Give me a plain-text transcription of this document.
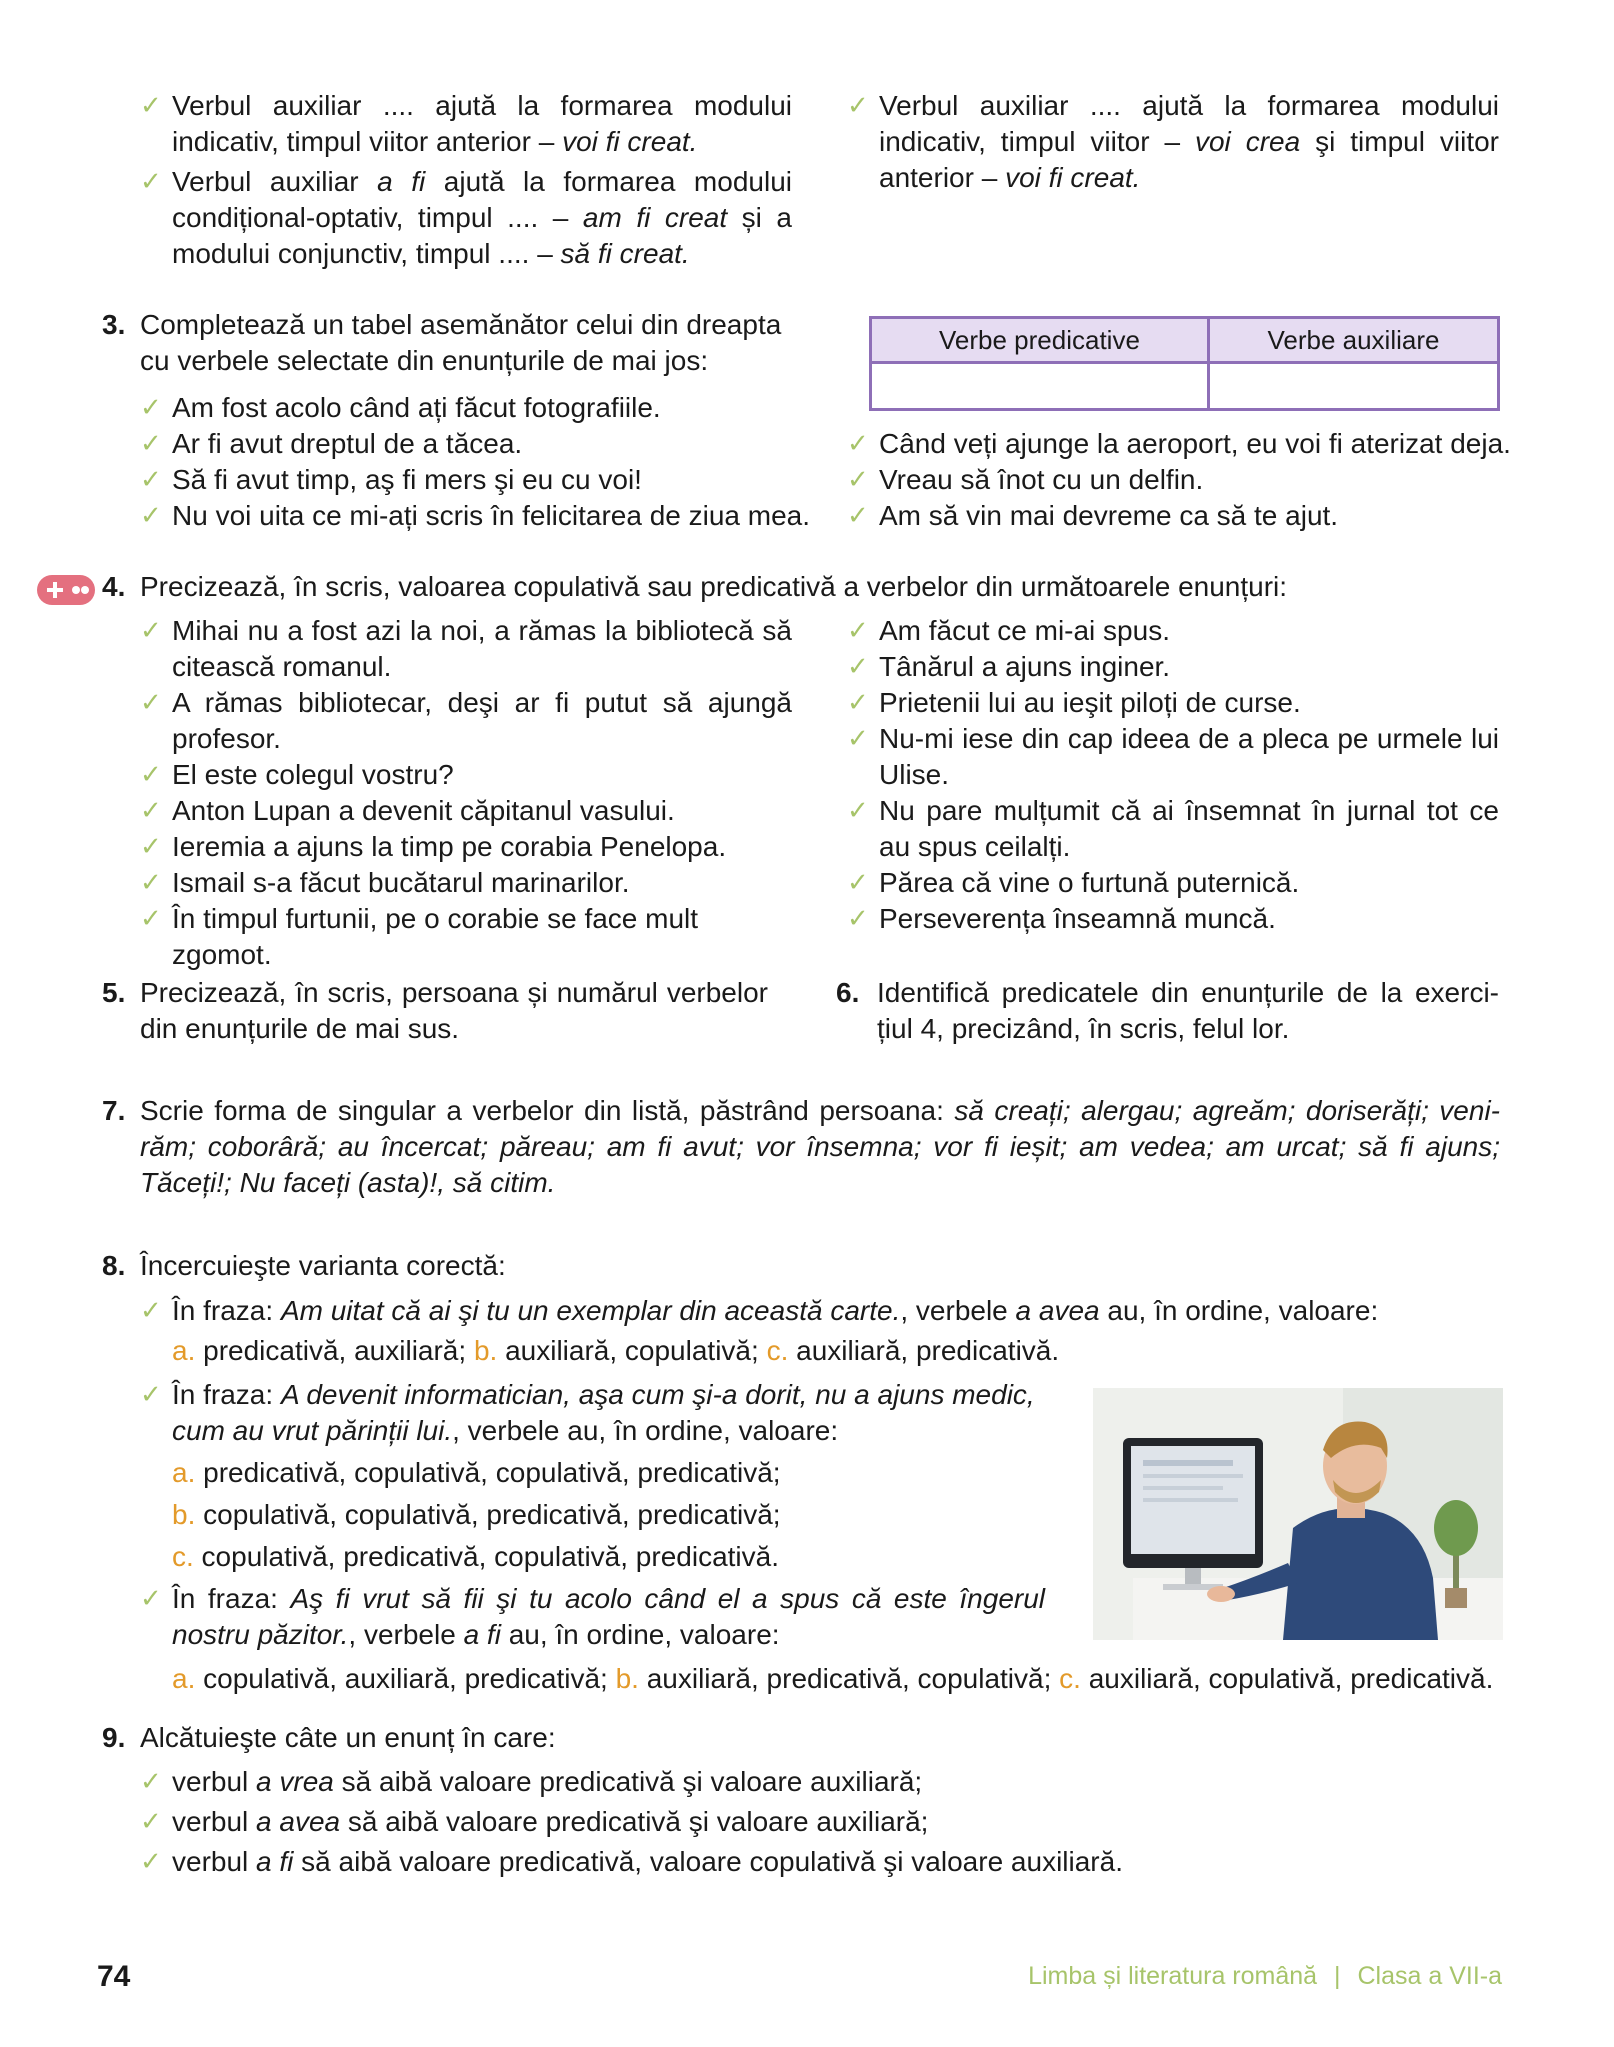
✓ Verbul auxiliar .... ajută la formarea modului indicativ, timpul viitor anterior – voi fi creat.
✓ Verbul auxiliar a fi ajută la formarea modului condițional-optativ, timpul .... – am fi creat și a modului conjunctiv, timpul .... – să fi creat.
✓ Verbul auxiliar .... ajută la formarea modului indicativ, timpul viitor – voi crea şi timpul viitor anterior – voi fi creat.
3. Completează un tabel asemănător celui din dreapta cu verbele selectate din enunțurile de mai jos:
Verbe predicative	Verbe auxiliare

✓ Am fost acolo când ați făcut fotografiile.
✓ Ar fi avut dreptul de a tăcea.
✓ Să fi avut timp, aş fi mers şi eu cu voi!
✓ Nu voi uita ce mi-ați scris în felicitarea de ziua mea.
✓ Când veți ajunge la aeroport, eu voi fi aterizat deja.
✓ Vreau să înot cu un delfin.
✓ Am să vin mai devreme ca să te ajut.
4. Precizează, în scris, valoarea copulativă sau predicativă a verbelor din următoarele enunțuri:
✓ Mihai nu a fost azi la noi, a rămas la bibliotecă să citească romanul.
✓ A rămas bibliotecar, deşi ar fi putut să ajungă profesor.
✓ El este colegul vostru?
✓ Anton Lupan a devenit căpitanul vasului.
✓ Ieremia a ajuns la timp pe corabia Penelopa.
✓ Ismail s-a făcut bucătarul marinarilor.
✓ În timpul furtunii, pe o corabie se face mult zgomot.
✓ Am făcut ce mi-ai spus.
✓ Tânărul a ajuns inginer.
✓ Prietenii lui au ieşit piloți de curse.
✓ Nu-mi iese din cap ideea de a pleca pe urmele lui Ulise.
✓ Nu pare mulțumit că ai însemnat în jurnal tot ce au spus ceilalți.
✓ Părea că vine o furtună puternică.
✓ Perseverența înseamnă muncă.
5. Precizează, în scris, persoana și numărul verbelor din enunțurile de mai sus.
6. Identifică predicatele din enunțurile de la exerci-țiul 4, precizând, în scris, felul lor.
7. Scrie forma de singular a verbelor din listă, păstrând persoana: să creați; alergau; agreăm; doriserăți; veni-răm; coborâră; au încercat; păreau; am fi avut; vor însemna; vor fi ieșit; am vedea; am urcat; să fi ajuns; Tăceți!; Nu faceți (asta)!, să citim.
8. Încercuieşte varianta corectă:
✓ În fraza: Am uitat că ai şi tu un exemplar din această carte., verbele a avea au, în ordine, valoare:
a. predicativă, auxiliară; b. auxiliară, copulativă; c. auxiliară, predicativă.
✓ În fraza: A devenit informatician, aşa cum şi-a dorit, nu a ajuns medic, cum au vrut părinții lui., verbele au, în ordine, valoare:
a. predicativă, copulativă, copulativă, predicativă;
b. copulativă, copulativă, predicativă, predicativă;
c. copulativă, predicativă, copulativă, predicativă.
✓ În fraza: Aş fi vrut să fii şi tu acolo când el a spus că este îngerul nostru păzitor., verbele a fi au, în ordine, valoare:
a. copulativă, auxiliară, predicativă; b. auxiliară, predicativă, copulativă; c. auxiliară, copulativă, predicativă.
9. Alcătuieşte câte un enunț în care:
✓ verbul a vrea să aibă valoare predicativă şi valoare auxiliară;
✓ verbul a avea să aibă valoare predicativă şi valoare auxiliară;
✓ verbul a fi să aibă valoare predicativă, valoare copulativă şi valoare auxiliară.
74	Limba și literatura română | Clasa a VII-a
